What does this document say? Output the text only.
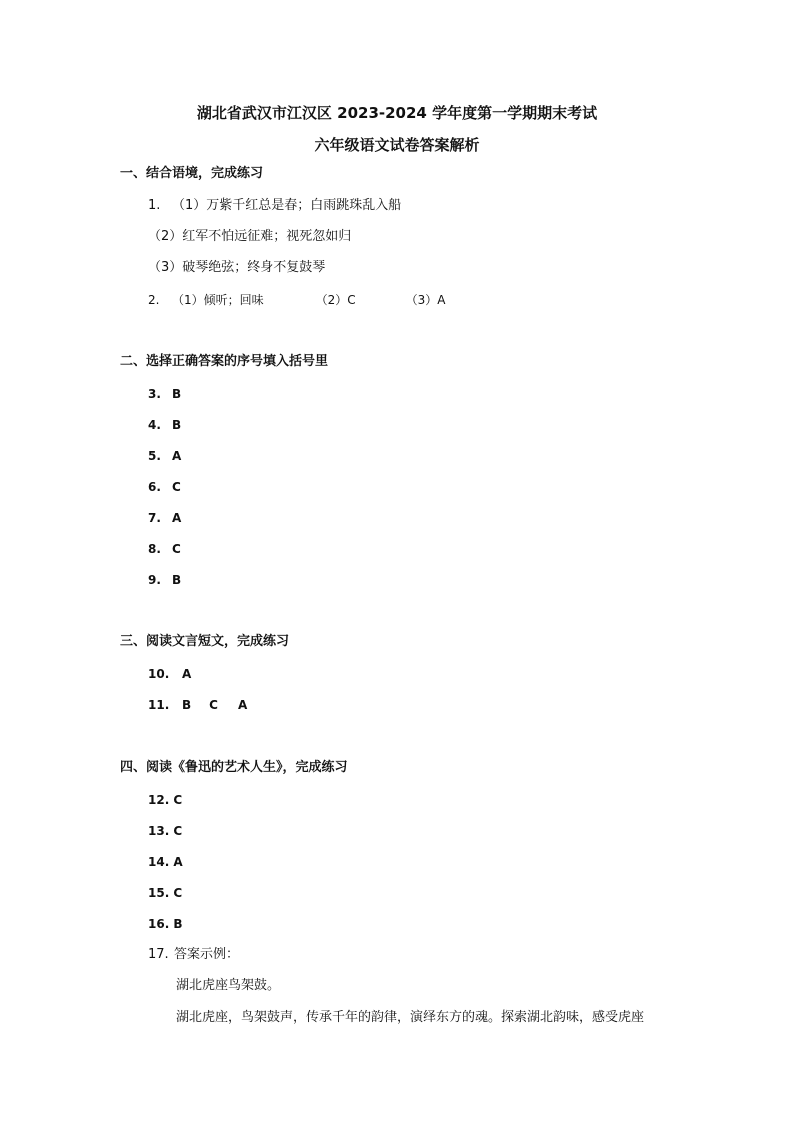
湖北省武汉市江汉区 2023-2024 学年度第一学期期末考试
六年级语文试卷答案解析
一、结合语境，完成练习
1. （1）万紫千红总是春；白雨跳珠乱入船
（2）红军不怕远征难；视死忽如归
（3）破琴绝弦；终身不复鼓琴
2. （1）倾听；回味	（2）C	（3）A
二、选择正确答案的序号填入括号里
3. B
4. B
5. A
6. C
7. A
8. C
9. B
三、阅读文言短文，完成练习
10. A
11. B C A
四、阅读《鲁迅的艺术人生》，完成练习
12. C
13. C
14. A
15. C
16. B
17. 答案示例：
湖北虎座鸟架鼓。
湖北虎座，鸟架鼓声，传承千年的韵律，演绎东方的魂。探索湖北韵味，感受虎座
